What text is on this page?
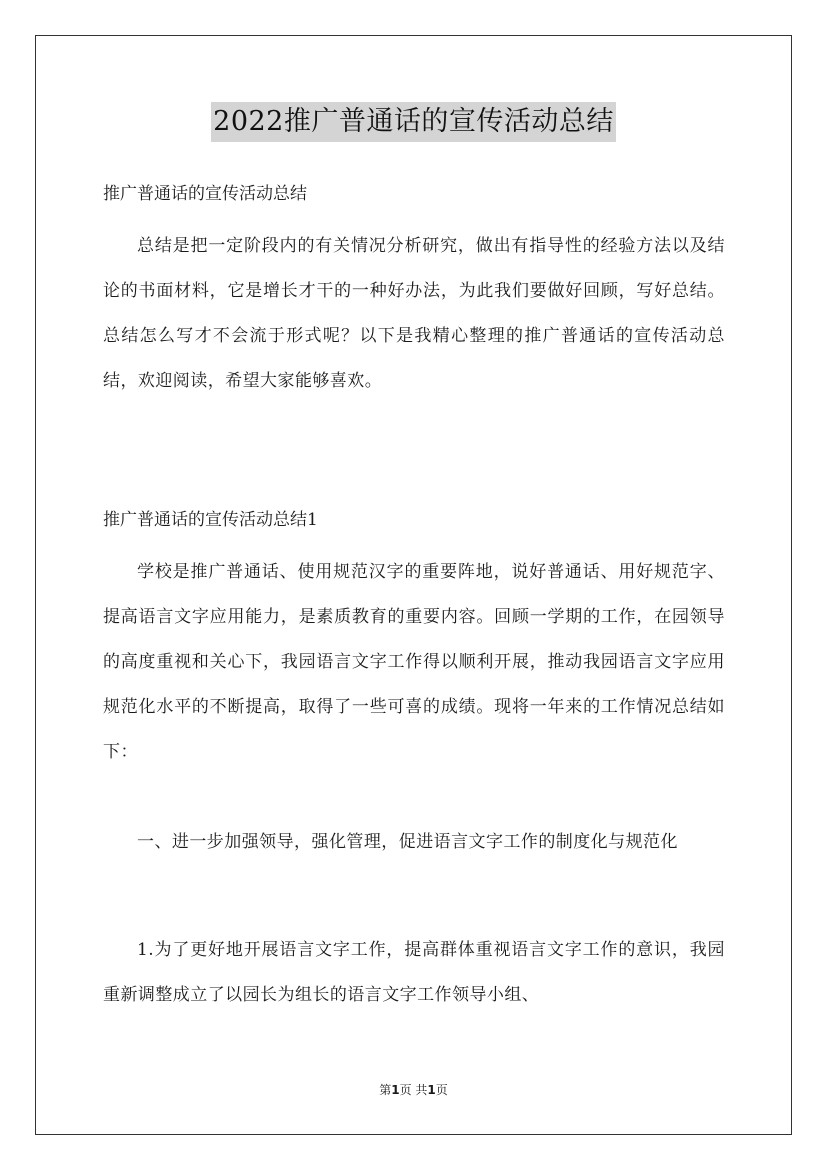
2022推广普通话的宣传活动总结
推广普通话的宣传活动总结
总结是把一定阶段内的有关情况分析研究，做出有指导性的经验方法以及结论的书面材料，它是增长才干的一种好办法，为此我们要做好回顾，写好总结。总结怎么写才不会流于形式呢？以下是我精心整理的推广普通话的宣传活动总结，欢迎阅读，希望大家能够喜欢。
推广普通话的宣传活动总结1
学校是推广普通话、使用规范汉字的重要阵地，说好普通话、用好规范字、提高语言文字应用能力，是素质教育的重要内容。回顾一学期的工作，在园领导的高度重视和关心下，我园语言文字工作得以顺利开展，推动我园语言文字应用规范化水平的不断提高，取得了一些可喜的成绩。现将一年来的工作情况总结如下：
一、进一步加强领导，强化管理，促进语言文字工作的制度化与规范化
1.为了更好地开展语言文字工作，提高群体重视语言文字工作的意识，我园重新调整成立了以园长为组长的语言文字工作领导小组、
第1页 共1页
